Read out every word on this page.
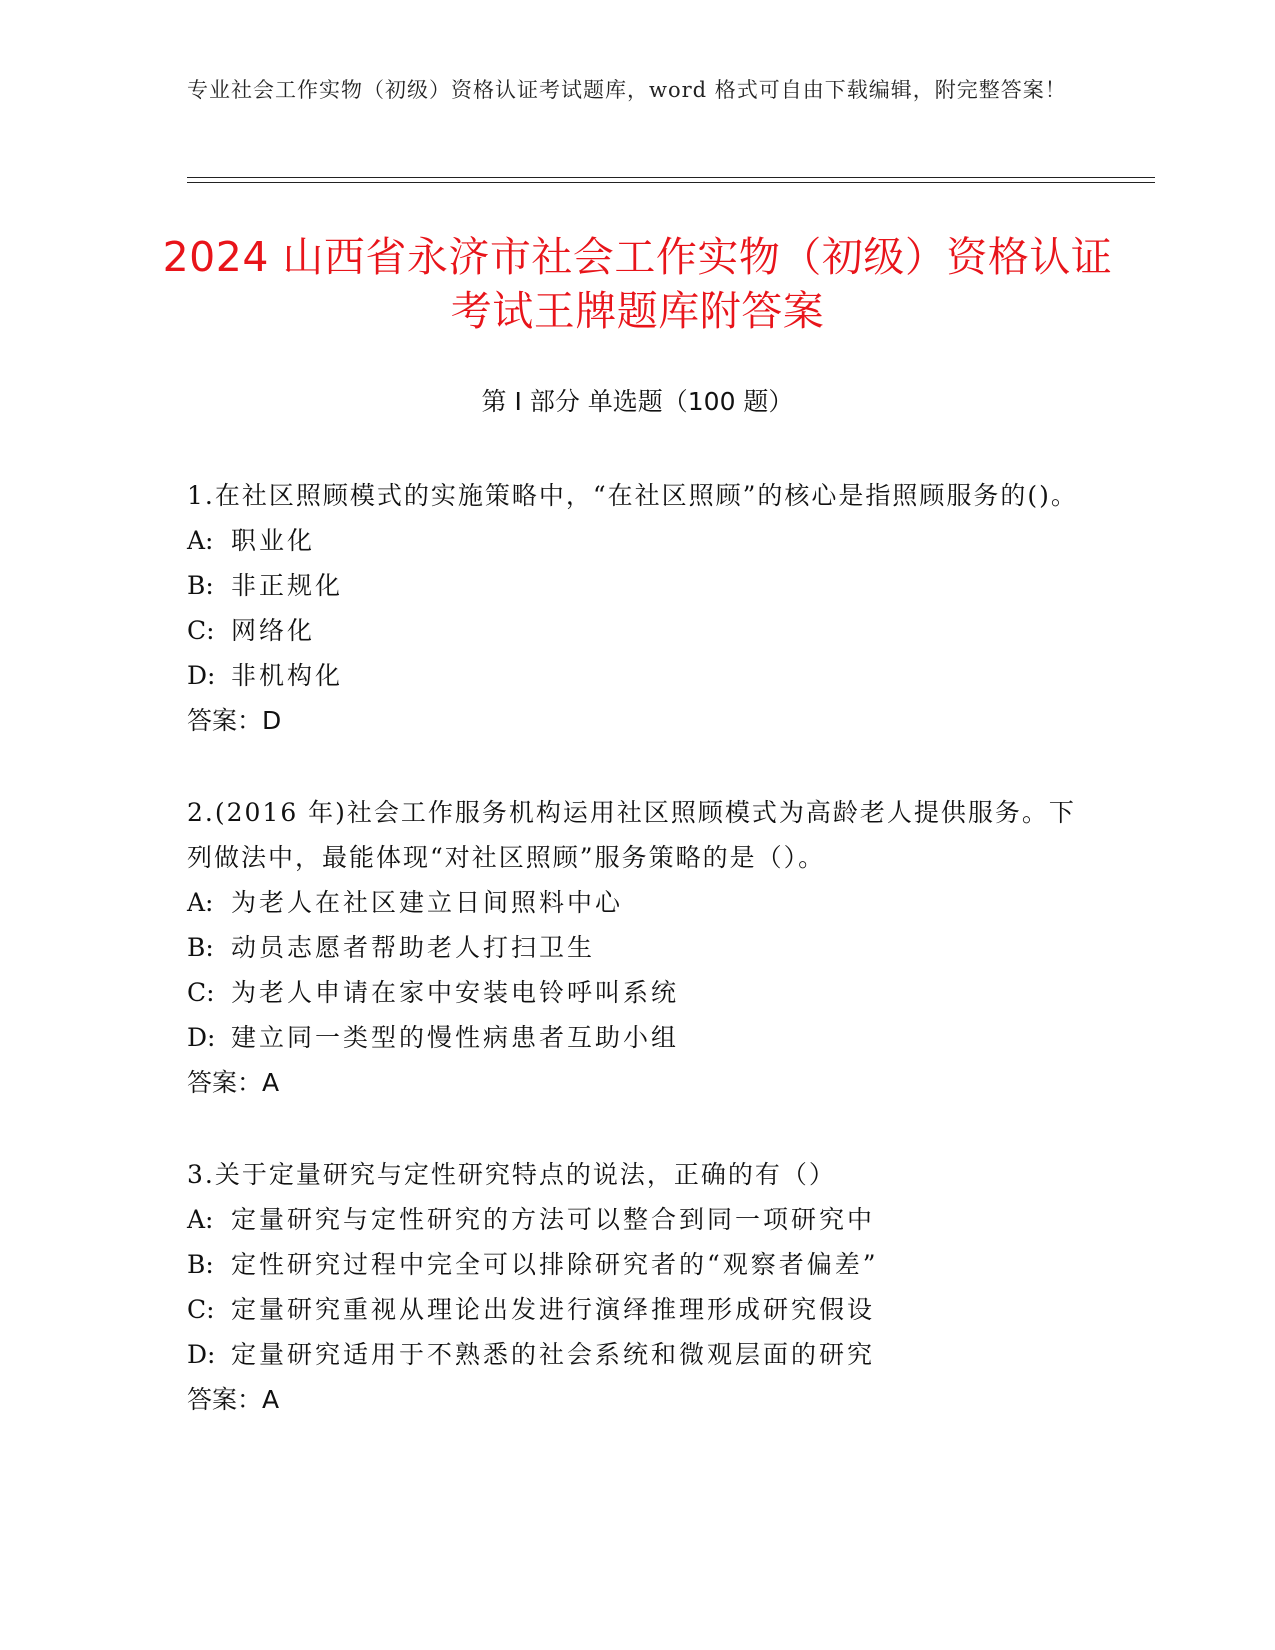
专业社会工作实物（初级）资格认证考试题库，word 格式可自由下载编辑，附完整答案！
2024 山西省永济市社会工作实物（初级）资格认证考试王牌题库附答案
第 I 部分 单选题（100 题）
1.在社区照顾模式的实施策略中，“在社区照顾”的核心是指照顾服务的()。
A: 职业化
B: 非正规化
C: 网络化
D: 非机构化
答案：D
2.(2016 年)社会工作服务机构运用社区照顾模式为高龄老人提供服务。下列做法中，最能体现“对社区照顾”服务策略的是（）。
A: 为老人在社区建立日间照料中心
B: 动员志愿者帮助老人打扫卫生
C: 为老人申请在家中安装电铃呼叫系统
D: 建立同一类型的慢性病患者互助小组
答案：A
3.关于定量研究与定性研究特点的说法，正确的有（）
A: 定量研究与定性研究的方法可以整合到同一项研究中
B: 定性研究过程中完全可以排除研究者的“观察者偏差”
C: 定量研究重视从理论出发进行演绎推理形成研究假设
D: 定量研究适用于不熟悉的社会系统和微观层面的研究
答案：A
